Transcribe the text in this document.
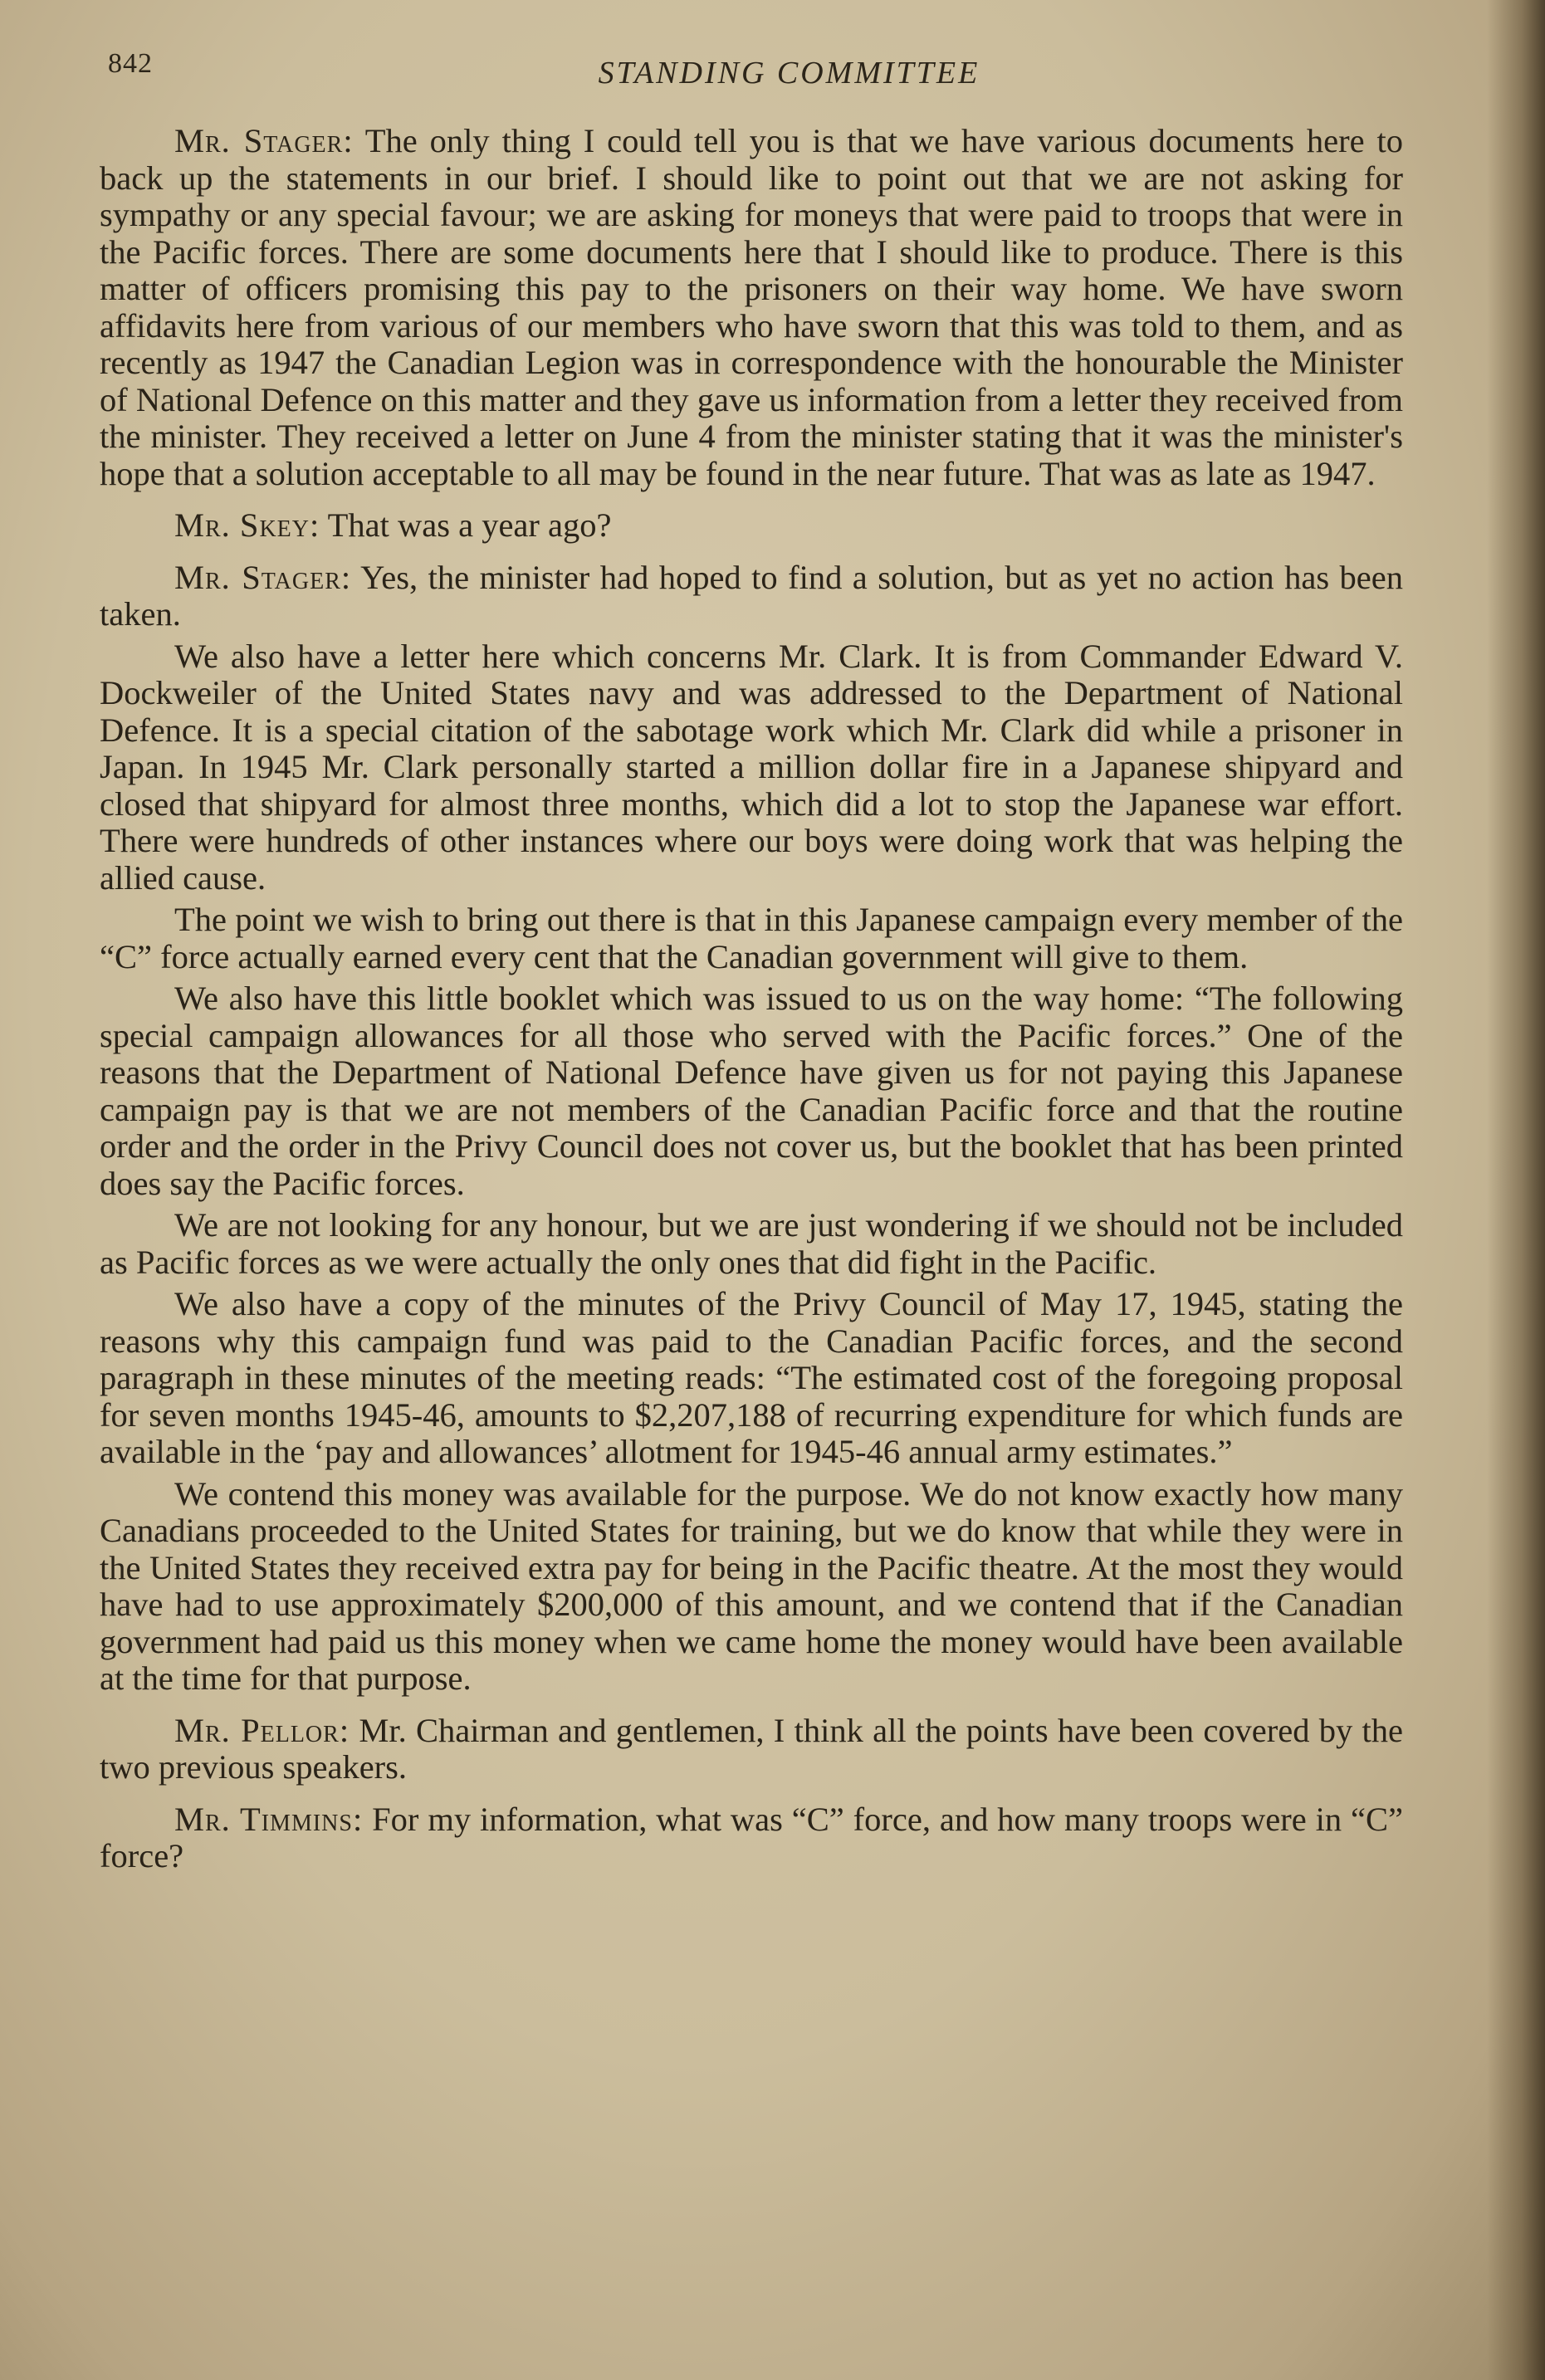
842	STANDING COMMITTEE

Mr. Stager: The only thing I could tell you is that we have various documents here to back up the statements in our brief. I should like to point out that we are not asking for sympathy or any special favour; we are asking for moneys that were paid to troops that were in the Pacific forces. There are some documents here that I should like to produce. There is this matter of officers promising this pay to the prisoners on their way home. We have sworn affidavits here from various of our members who have sworn that this was told to them, and as recently as 1947 the Canadian Legion was in correspondence with the honourable the Minister of National Defence on this matter and they gave us information from a letter they received from the minister. They received a letter on June 4 from the minister stating that it was the minister's hope that a solution acceptable to all may be found in the near future. That was as late as 1947.

Mr. Skey: That was a year ago?

Mr. Stager: Yes, the minister had hoped to find a solution, but as yet no action has been taken.

We also have a letter here which concerns Mr. Clark. It is from Commander Edward V. Dockweiler of the United States navy and was addressed to the Department of National Defence. It is a special citation of the sabotage work which Mr. Clark did while a prisoner in Japan. In 1945 Mr. Clark personally started a million dollar fire in a Japanese shipyard and closed that shipyard for almost three months, which did a lot to stop the Japanese war effort. There were hundreds of other instances where our boys were doing work that was helping the allied cause.

The point we wish to bring out there is that in this Japanese campaign every member of the “C” force actually earned every cent that the Canadian government will give to them.

We also have this little booklet which was issued to us on the way home: “The following special campaign allowances for all those who served with the Pacific forces.” One of the reasons that the Department of National Defence have given us for not paying this Japanese campaign pay is that we are not members of the Canadian Pacific force and that the routine order and the order in the Privy Council does not cover us, but the booklet that has been printed does say the Pacific forces.

We are not looking for any honour, but we are just wondering if we should not be included as Pacific forces as we were actually the only ones that did fight in the Pacific.

We also have a copy of the minutes of the Privy Council of May 17, 1945, stating the reasons why this campaign fund was paid to the Canadian Pacific forces, and the second paragraph in these minutes of the meeting reads: “The estimated cost of the foregoing proposal for seven months 1945-46, amounts to $2,207,188 of recurring expenditure for which funds are available in the ‘pay and allowances’ allotment for 1945-46 annual army estimates.”

We contend this money was available for the purpose. We do not know exactly how many Canadians proceeded to the United States for training, but we do know that while they were in the United States they received extra pay for being in the Pacific theatre. At the most they would have had to use approximately $200,000 of this amount, and we contend that if the Canadian government had paid us this money when we came home the money would have been available at the time for that purpose.

Mr. Pellor: Mr. Chairman and gentlemen, I think all the points have been covered by the two previous speakers.

Mr. Timmins: For my information, what was “C” force, and how many troops were in “C” force?
